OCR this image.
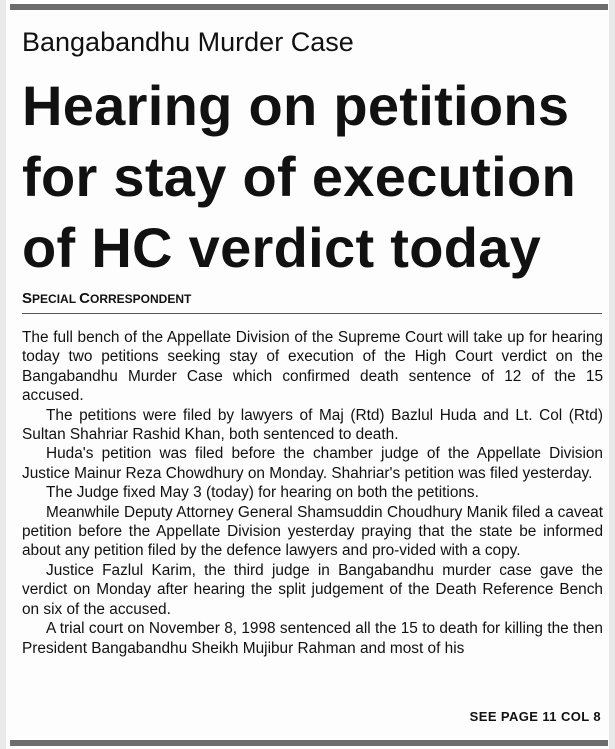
Bangabandhu Murder Case
Hearing on petitions
for stay of execution
of HC verdict today
SPECIAL CORRESPONDENT

The full bench of the Appellate Division of the Supreme Court will take up for hearing today two petitions seeking stay of execution of the High Court verdict on the Bangabandhu Murder Case which confirmed death sentence of 12 of the 15 accused.

The petitions were filed by lawyers of Maj (Rtd) Bazlul Huda and Lt. Col (Rtd) Sultan Shahriar Rashid Khan, both sentenced to death.

Huda's petition was filed before the chamber judge of the Appellate Division Justice Mainur Reza Chowdhury on Monday. Shahriar's petition was filed yesterday.

The Judge fixed May 3 (today) for hearing on both the petitions.

Meanwhile Deputy Attorney General Shamsuddin Choudhury Manik filed a caveat petition before the Appellate Division yesterday praying that the state be informed about any petition filed by the defence lawyers and pro-vided with a copy.

Justice Fazlul Karim, the third judge in Bangabandhu murder case gave the verdict on Monday after hearing the split judgement of the Death Reference Bench on six of the accused.

A trial court on November 8, 1998 sentenced all the 15 to death for killing the then President Bangabandhu Sheikh Mujibur Rahman and most of his

SEE PAGE 11 COL 8
